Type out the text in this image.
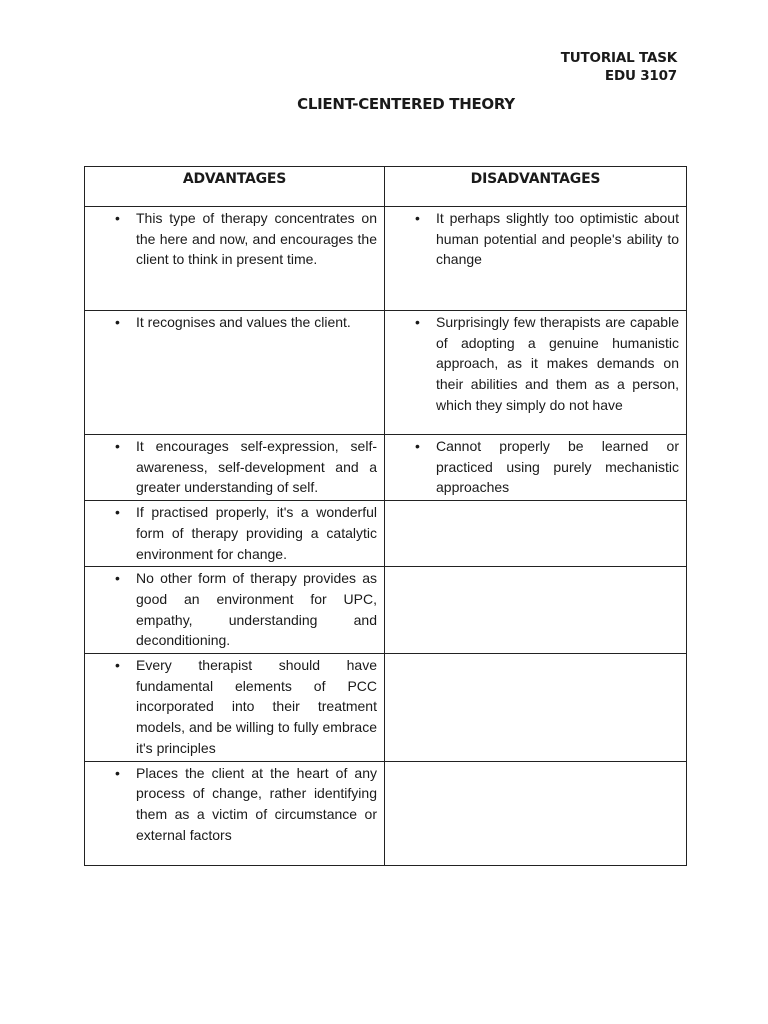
TUTORIAL TASK
EDU 3107
CLIENT-CENTERED THEORY
ADVANTAGES	DISADVANTAGES

• This type of therapy concentrates on the here and now, and encourages the client to think in present time.	• It perhaps slightly too optimistic about human potential and people's ability to change

• It recognises and values the client.	• Surprisingly few therapists are capable of adopting a genuine humanistic approach, as it makes demands on their abilities and them as a person, which they simply do not have

• It encourages self-expression, self-awareness, self-development and a greater understanding of self.	• Cannot properly be learned or practiced using purely mechanistic approaches

• If practised properly, it's a wonderful form of therapy providing a catalytic environment for change.	

• No other form of therapy provides as good an environment for UPC, empathy, understanding and deconditioning.	

• Every therapist should have fundamental elements of PCC incorporated into their treatment models, and be willing to fully embrace it's principles	

• Places the client at the heart of any process of change, rather identifying them as a victim of circumstance or external factors	
